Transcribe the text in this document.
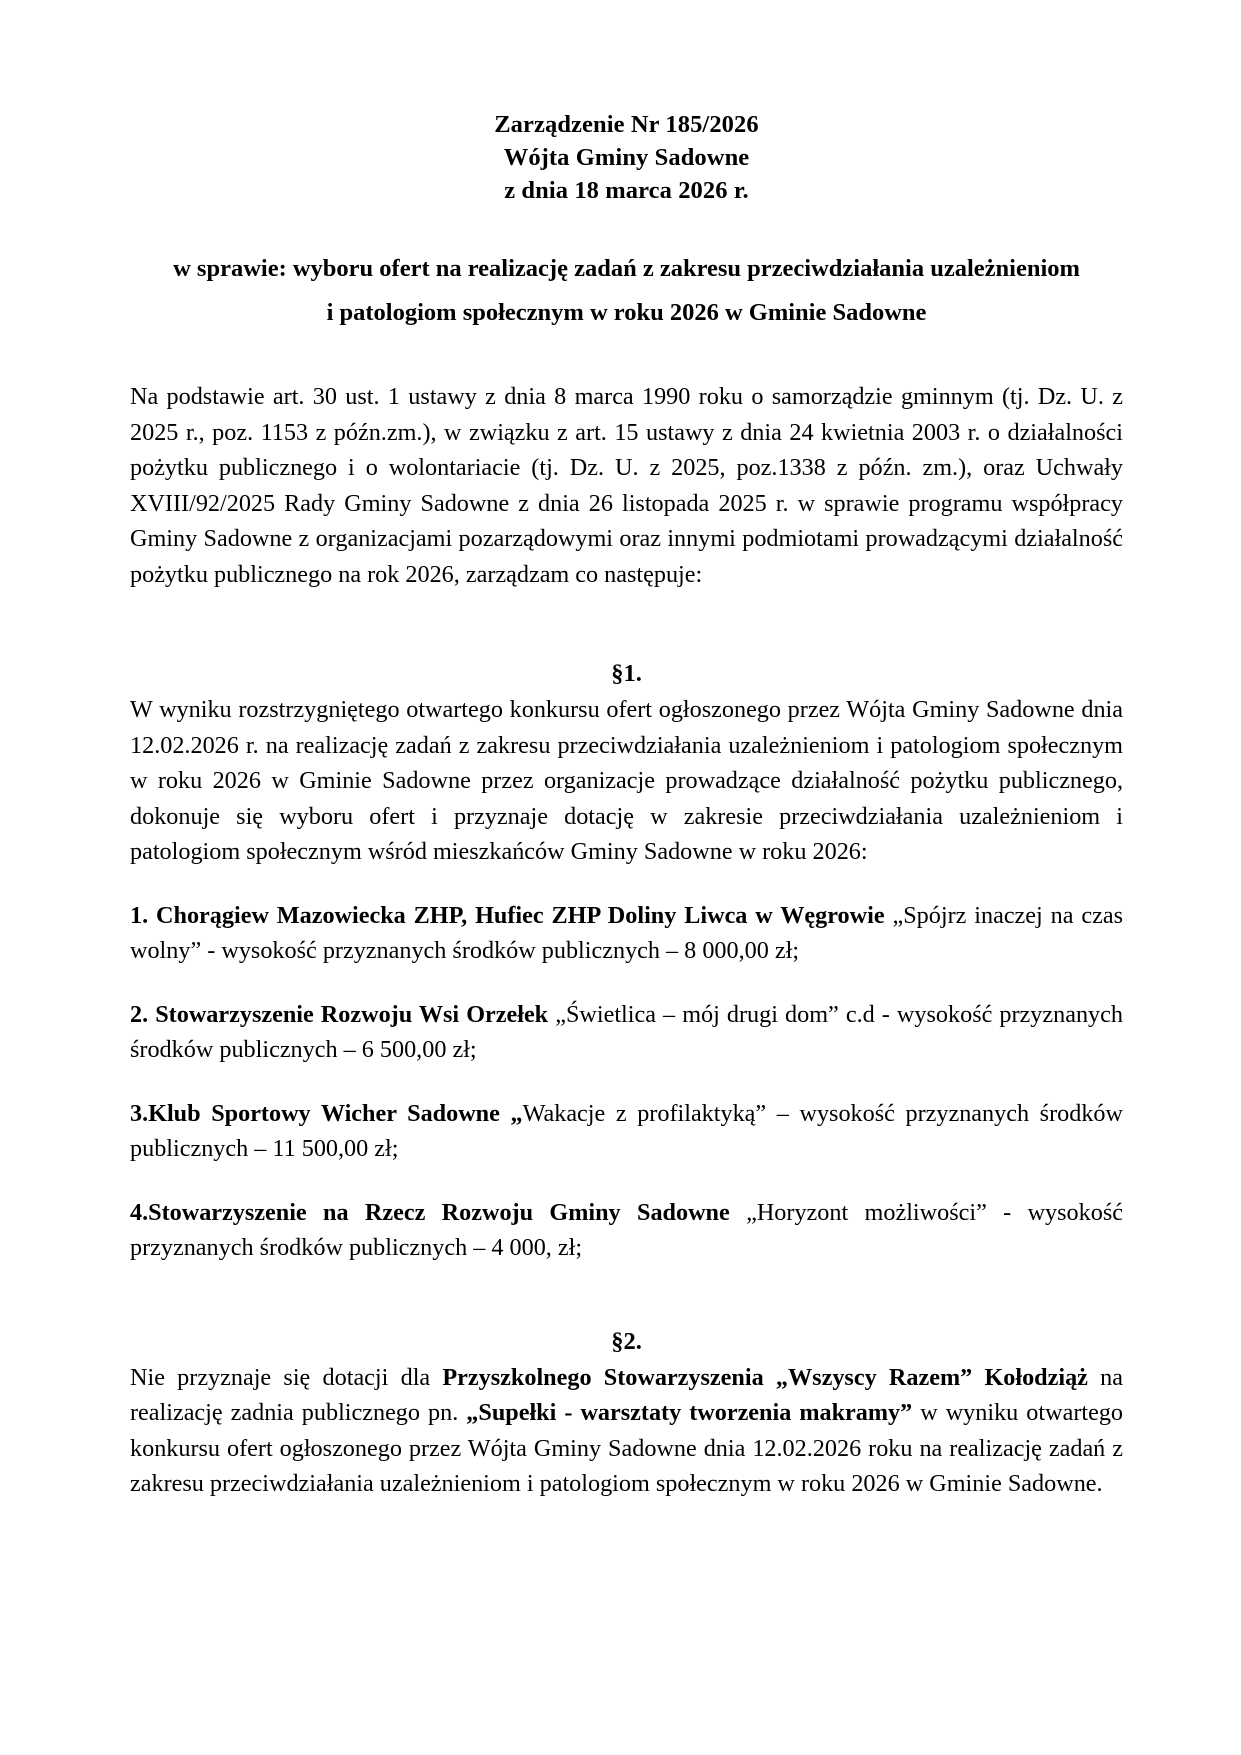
Zarządzenie Nr 185/2026
Wójta Gminy Sadowne
z dnia 18 marca 2026 r.
w sprawie: wyboru ofert na realizację zadań z zakresu przeciwdziałania uzależnieniom
i patologiom społecznym w roku 2026 w Gminie Sadowne

Na podstawie art. 30 ust. 1 ustawy z dnia 8 marca 1990 roku o samorządzie gminnym (tj. Dz. U. z 2025 r., poz. 1153 z późn.zm.), w związku z art. 15 ustawy z dnia 24 kwietnia 2003 r. o działalności pożytku publicznego i o wolontariacie (tj. Dz. U. z 2025, poz.1338 z późn. zm.), oraz Uchwały XVIII/92/2025 Rady Gminy Sadowne z dnia 26 listopada 2025 r. w sprawie programu współpracy Gminy Sadowne z organizacjami pozarządowymi oraz innymi podmiotami prowadzącymi działalność pożytku publicznego na rok 2026, zarządzam co następuje:

§1.

W wyniku rozstrzygniętego otwartego konkursu ofert ogłoszonego przez Wójta Gminy Sadowne dnia 12.02.2026 r. na realizację zadań z zakresu przeciwdziałania uzależnieniom i patologiom społecznym w roku 2026 w Gminie Sadowne przez organizacje prowadzące działalność pożytku publicznego, dokonuje się wyboru ofert i przyznaje dotację w zakresie przeciwdziałania uzależnieniom i patologiom społecznym wśród mieszkańców Gminy Sadowne w roku 2026:

1. Chorągiew Mazowiecka ZHP, Hufiec ZHP Doliny Liwca w Węgrowie „Spójrz inaczej na czas wolny” - wysokość przyznanych środków publicznych – 8 000,00 zł;

2. Stowarzyszenie Rozwoju Wsi Orzełek „Świetlica – mój drugi dom” c.d - wysokość przyznanych środków publicznych – 6 500,00 zł;

3.Klub Sportowy Wicher Sadowne „Wakacje z profilaktyką” – wysokość przyznanych środków publicznych – 11 500,00 zł;

4.Stowarzyszenie na Rzecz Rozwoju Gminy Sadowne „Horyzont możliwości” - wysokość przyznanych środków publicznych – 4 000, zł;

§2.

Nie przyznaje się dotacji dla Przyszkolnego Stowarzyszenia „Wszyscy Razem” Kołodziąż na realizację zadnia publicznego pn. „Supełki - warsztaty tworzenia makramy” w wyniku otwartego konkursu ofert ogłoszonego przez Wójta Gminy Sadowne dnia 12.02.2026 roku na realizację zadań z zakresu przeciwdziałania uzależnieniom i patologiom społecznym w roku 2026 w Gminie Sadowne.
